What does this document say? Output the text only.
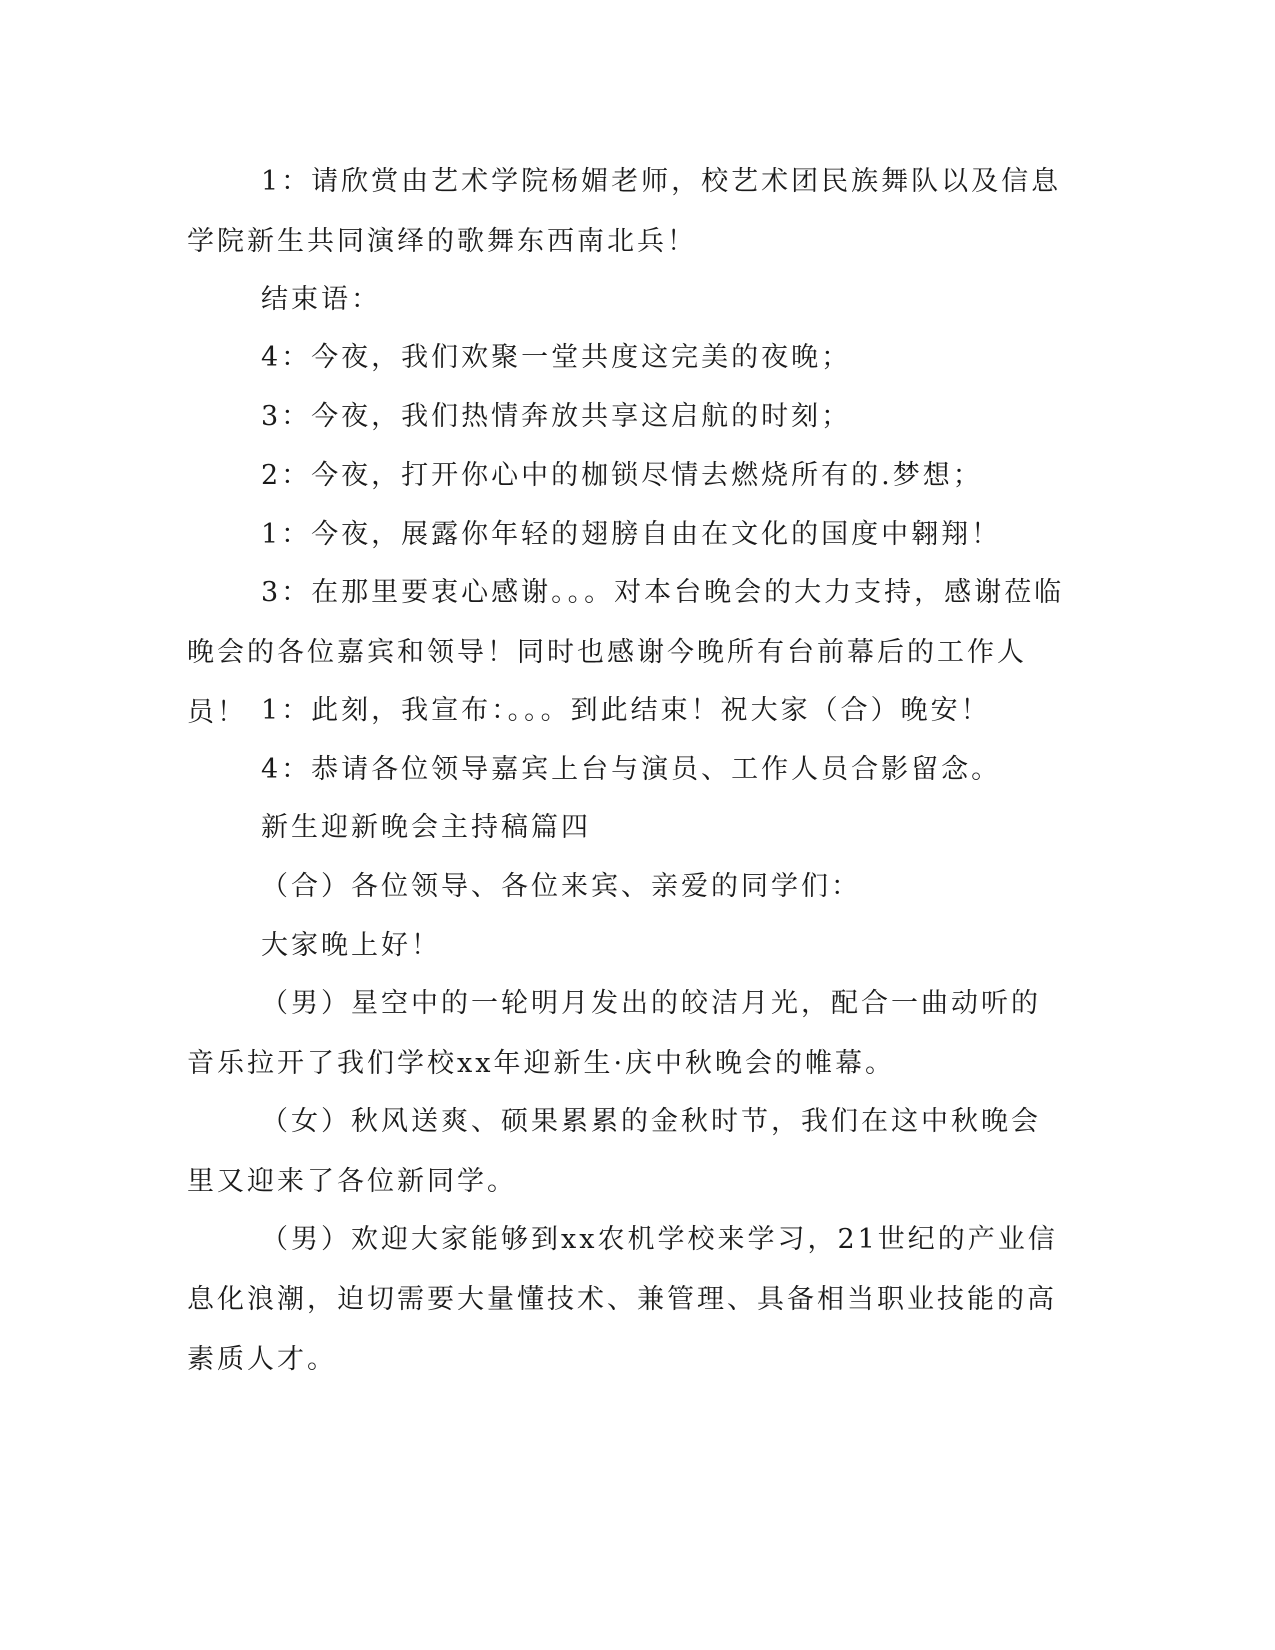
1：请欣赏由艺术学院杨媚老师，校艺术团民族舞队以及信息学院新生共同演绎的歌舞东西南北兵！

结束语：

4：今夜，我们欢聚一堂共度这完美的夜晚；

3：今夜，我们热情奔放共享这启航的时刻；

2：今夜，打开你心中的枷锁尽情去燃烧所有的.梦想；

1：今夜，展露你年轻的翅膀自由在文化的国度中翱翔！

3：在那里要衷心感谢。。。对本台晚会的大力支持，感谢莅临晚会的各位嘉宾和领导！同时也感谢今晚所有台前幕后的工作人员！ 1：此刻，我宣布：。。。到此结束！祝大家（合）晚安！

4：恭请各位领导嘉宾上台与演员、工作人员合影留念。

新生迎新晚会主持稿篇四

（合）各位领导、各位来宾、亲爱的同学们：

大家晚上好！

（男）星空中的一轮明月发出的皎洁月光，配合一曲动听的音乐拉开了我们学校xx年迎新生·庆中秋晚会的帷幕。

（女）秋风送爽、硕果累累的金秋时节，我们在这中秋晚会里又迎来了各位新同学。

（男）欢迎大家能够到xx农机学校来学习，21世纪的产业信息化浪潮，迫切需要大量懂技术、兼管理、具备相当职业技能的高素质人才。
